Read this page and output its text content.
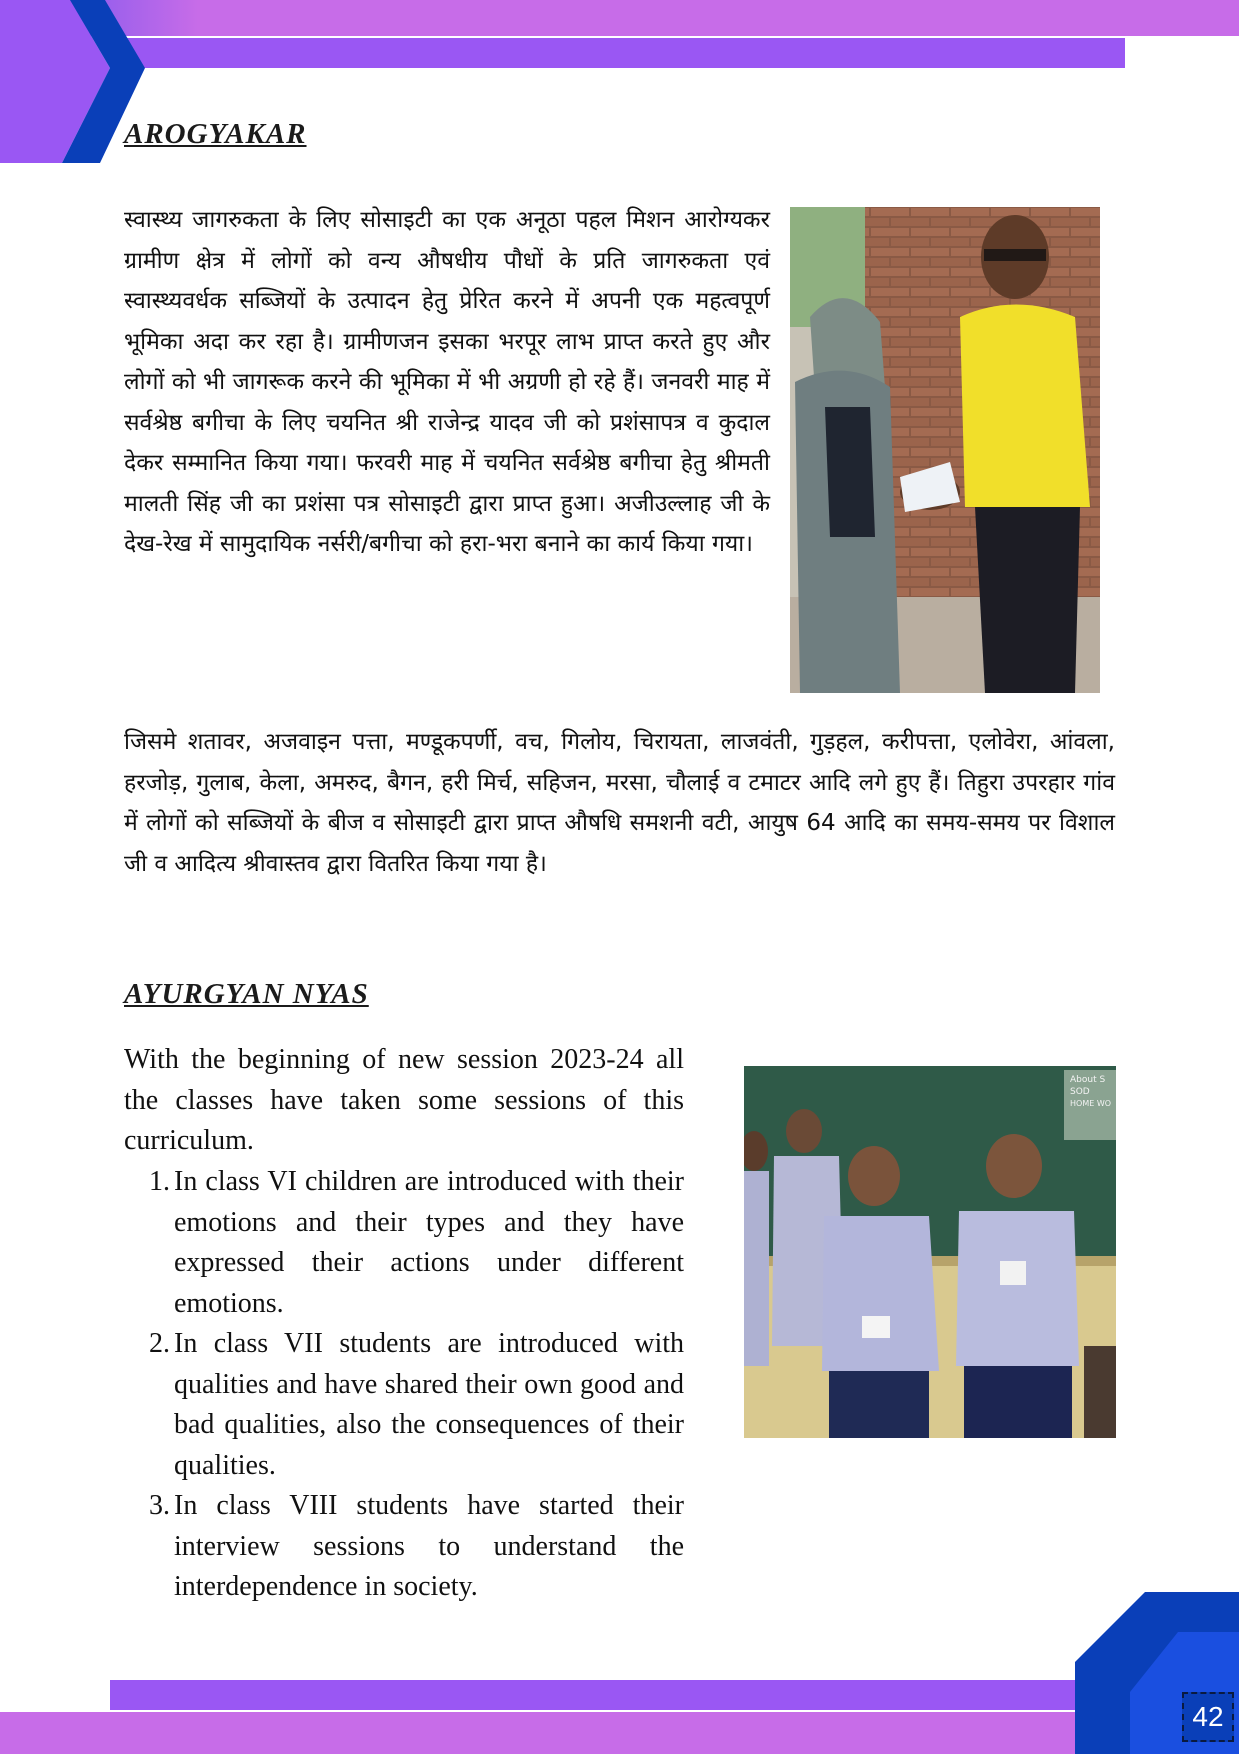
AROGYAKAR

स्वास्थ्य जागरुकता के लिए सोसाइटी का एक अनूठा पहल मिशन आरोग्यकर ग्रामीण क्षेत्र में लोगों को वन्य औषधीय पौधों के प्रति जागरुकता एवं स्वास्थ्यवर्धक सब्जियों के उत्पादन हेतु प्रेरित करने में अपनी एक महत्वपूर्ण भूमिका अदा कर रहा है। ग्रामीणजन इसका भरपूर लाभ प्राप्त करते हुए और लोगों को भी जागरूक करने की भूमिका में भी अग्रणी हो रहे हैं। जनवरी माह में सर्वश्रेष्ठ बगीचा के लिए चयनित श्री राजेन्द्र यादव जी को प्रशंसापत्र व कुदाल देकर सम्मानित किया गया। फरवरी माह में चयनित सर्वश्रेष्ठ बगीचा हेतु श्रीमती मालती सिंह जी का प्रशंसा पत्र सोसाइटी द्वारा प्राप्त हुआ। अजीउल्लाह जी के देख-रेख में सामुदायिक नर्सरी/बगीचा को हरा-भरा बनाने का कार्य किया गया।

जिसमे शतावर, अजवाइन पत्ता, मण्डूकपर्णी, वच, गिलोय, चिरायता, लाजवंती, गुड़हल, करीपत्ता, एलोवेरा, आंवला, हरजोड़, गुलाब, केला, अमरुद, बैगन, हरी मिर्च, सहिजन, मरसा, चौलाई व टमाटर आदि लगे हुए हैं। तिहुरा उपरहार गांव में लोगों को सब्जियों के बीज व सोसाइटी द्वारा प्राप्त औषधि समशनी वटी, आयुष 64 आदि का समय-समय पर विशाल जी व आदित्य श्रीवास्तव द्वारा वितरित किया गया है।

AYURGYAN NYAS

With the beginning of new session 2023-24 all the classes have taken some sessions of this curriculum.

1. In class VI children are introduced with their emotions and their types and they have expressed their actions under different emotions.
2. In class VII students are introduced with qualities and have shared their own good and bad qualities, also the consequences of their qualities.
3. In class VIII students have started their interview sessions to understand the interdependence in society.
About S
SOD
HOME WO
42
